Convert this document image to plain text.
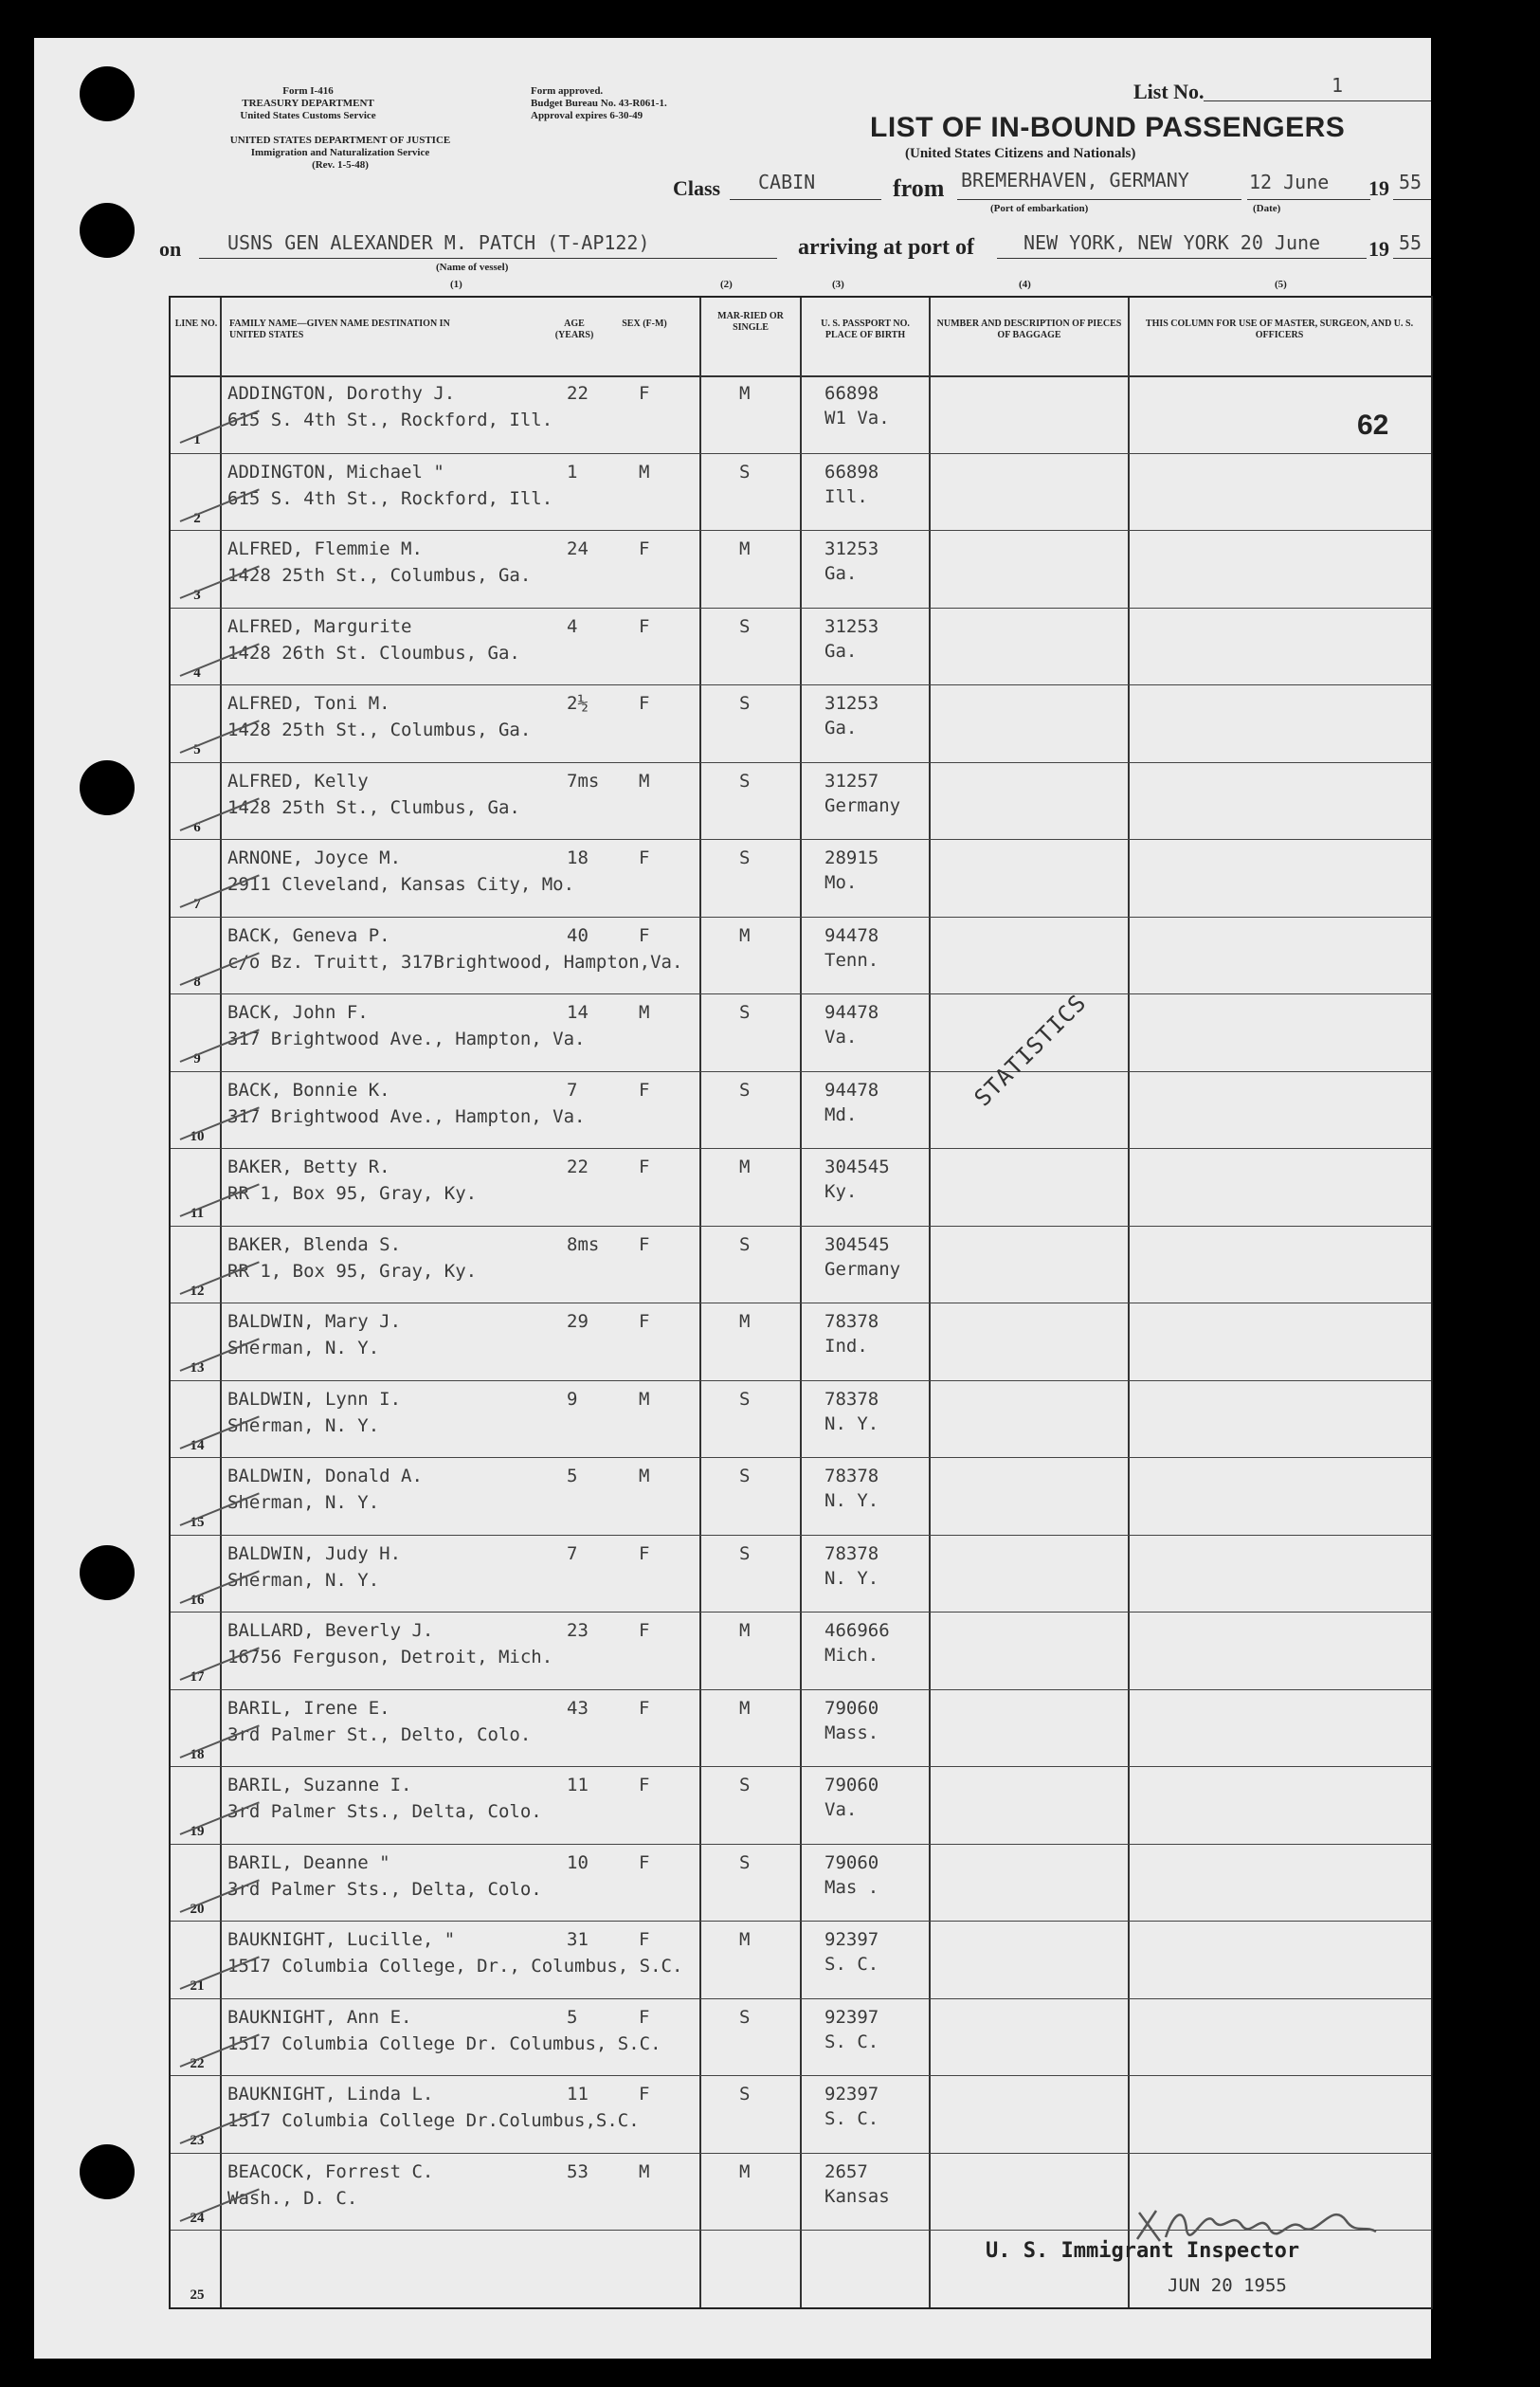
Form I-416
TREASURY DEPARTMENT
United States Customs Service
UNITED STATES DEPARTMENT OF JUSTICE
Immigration and Naturalization Service
(Rev. 1-5-48)
Form approved.
Budget Bureau No. 43-R061-1.
Approval expires 6-30-49
List No.	1
LIST OF IN-BOUND PASSENGERS
(United States Citizens and Nationals)
Class CABIN	from BREMERHAVEN, GERMANY
(Port of embarkation)
12 June
(Date)
19 55
on USNS GEN ALEXANDER M. PATCH (T-AP122)
(Name of vessel)
arriving at port of	NEW YORK, NEW YORK 20 June 19 55
(1)	(2)	(3)	(4)	(5)
LINE NO. FAMILY NAME—GIVEN NAME DESTINATION IN UNITED STATES
AGE (YEARS)
SEX (F-M)
MAR-RIED OR SINGLE	U. S. PASSPORT NO. PLACE OF BIRTH
NUMBER AND DESCRIPTION OF PIECES OF BAGGAGE
THIS COLUMN FOR USE OF MASTER, SURGEON, AND U. S. OFFICERS
1
ADDINGTON, Dorothy J.
615 S. 4th St., Rockford, Ill.
22	F	M	66898
W1 Va.
2
ADDINGTON, Michael "
615 S. 4th St., Rockford, Ill.
1	M	S	66898
Ill.
3
ALFRED, Flemmie M.
1428 25th St., Columbus, Ga.
24	F	M	31253
Ga.
4
ALFRED, Margurite
1428 26th St. Cloumbus, Ga.
4	F	S	31253
Ga.
5
ALFRED, Toni M.
1428 25th St., Columbus, Ga.
2½	F	S	31253
Ga.
6
ALFRED, Kelly
1428 25th St., Clumbus, Ga.
7ms M	S	31257
Germany
7
ARNONE, Joyce M.
2911 Cleveland, Kansas City, Mo.
18	F	S	28915
Mo.
8
BACK, Geneva P.
c/o Bz. Truitt, 317Brightwood, Hampton,Va.
40	F	M	94478
Tenn.
9
BACK, John F.
317 Brightwood Ave., Hampton, Va.
14	M	S	94478
Va.
10
BACK, Bonnie K.
317 Brightwood Ave., Hampton, Va.
7	F	S	94478
Md.
11
BAKER, Betty R.
RR 1, Box 95, Gray, Ky.
22	F	M	304545
Ky.
12
BAKER, Blenda S.
RR 1, Box 95, Gray, Ky.
8ms F	S	304545
Germany
13
BALDWIN, Mary J.
Sherman, N. Y.
29	F	M	78378
Ind.
14
BALDWIN, Lynn I.
Sherman, N. Y.
9	M	S	78378
N. Y.
15
BALDWIN, Donald A.
Sherman, N. Y.
5	M	S	78378
N. Y.
16
BALDWIN, Judy H.
Sherman, N. Y.
7	F	S	78378
N. Y.
17
BALLARD, Beverly J.
16756 Ferguson, Detroit, Mich.
23	F	M	466966
Mich.
18
BARIL, Irene E.
3rd Palmer St., Delto, Colo.
43	F	M	79060
Mass.
19
BARIL, Suzanne I.
3rd Palmer Sts., Delta, Colo.
11	F	S	79060
Va.
20
BARIL, Deanne "
3rd Palmer Sts., Delta, Colo.
10	F	S	79060
Mas .
21
BAUKNIGHT, Lucille, "
1517 Columbia College, Dr., Columbus, S.C.
31	F	M	92397
S. C.
22
BAUKNIGHT, Ann E.
1517 Columbia College Dr. Columbus, S.C.
5	F	S	92397
S. C.
23
BAUKNIGHT, Linda L.
1517 Columbia College Dr.Columbus,S.C.
11	F	S	92397
S. C.
24
BEACOCK, Forrest C.
Wash., D. C.
53	M	M	2657
Kansas
25
62
STATISTICS
U. S. Immigrant Inspector
JUN 20 1955
